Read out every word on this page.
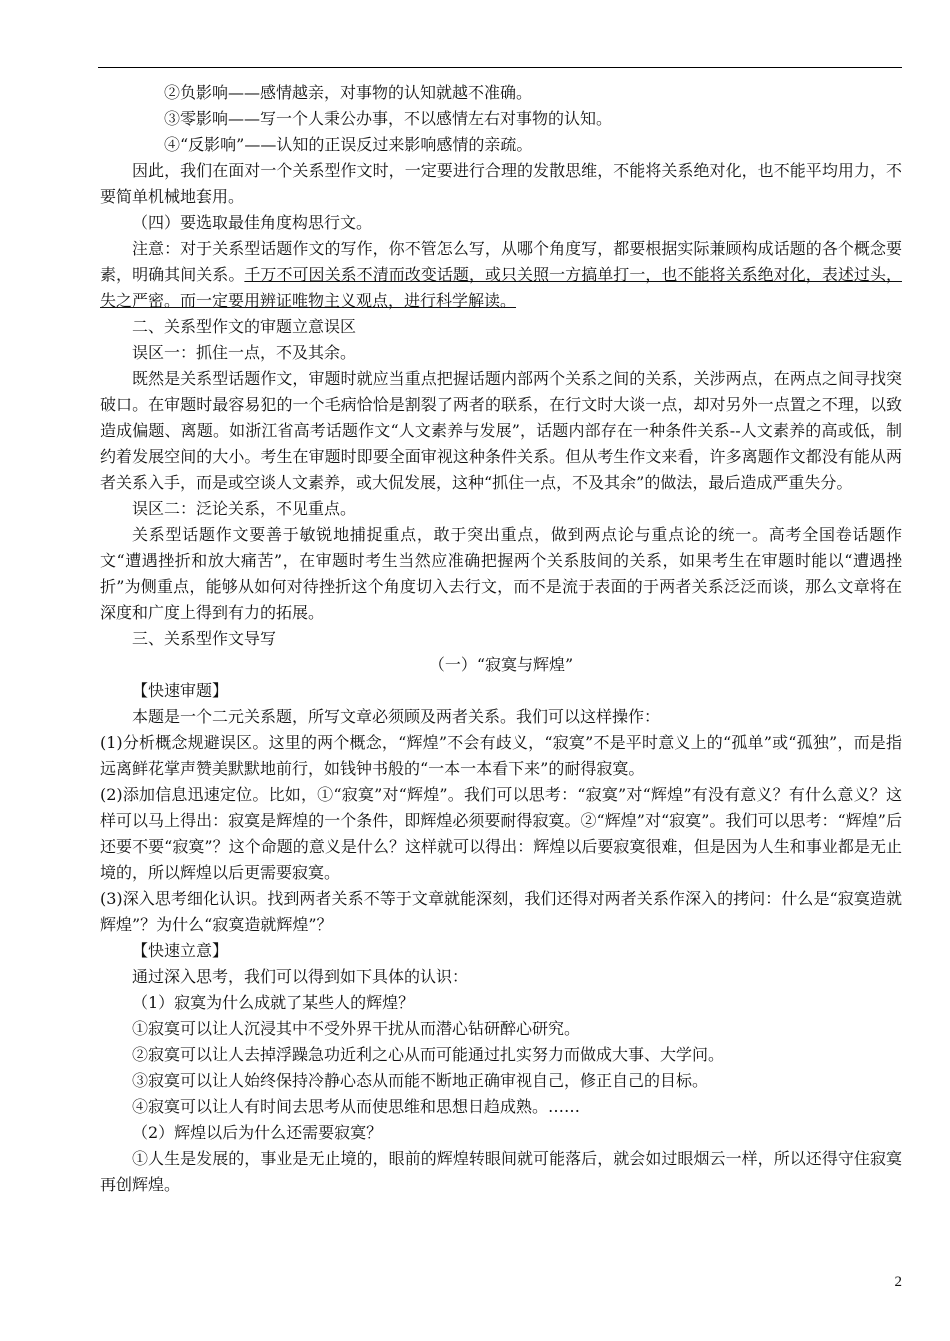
②负影响——感情越亲，对事物的认知就越不准确。

③零影响——写一个人秉公办事，不以感情左右对事物的认知。

④“反影响”——认知的正误反过来影响感情的亲疏。

因此，我们在面对一个关系型作文时，一定要进行合理的发散思维，不能将关系绝对化，也不能平均用力，不要简单机械地套用。

（四）要选取最佳角度构思行文。

注意：对于关系型话题作文的写作，你不管怎么写，从哪个角度写，都要根据实际兼顾构成话题的各个概念要素，明确其间关系。千万不可因关系不清而改变话题，或只关照一方搞单打一，也不能将关系绝对化，表述过头，失之严密。而一定要用辨证唯物主义观点，进行科学解读。

二、关系型作文的审题立意误区

误区一：抓住一点，不及其余。

既然是关系型话题作文，审题时就应当重点把握话题内部两个关系之间的关系，关涉两点，在两点之间寻找突破口。在审题时最容易犯的一个毛病恰恰是割裂了两者的联系，在行文时大谈一点，却对另外一点置之不理，以致造成偏题、离题。如浙江省高考话题作文“人文素养与发展”，话题内部存在一种条件关系--人文素养的高或低，制约着发展空间的大小。考生在审题时即要全面审视这种条件关系。但从考生作文来看，许多离题作文都没有能从两者关系入手，而是或空谈人文素养，或大侃发展，这种“抓住一点，不及其余”的做法，最后造成严重失分。

误区二：泛论关系，不见重点。

关系型话题作文要善于敏锐地捕捉重点，敢于突出重点，做到两点论与重点论的统一。高考全国卷话题作文“遭遇挫折和放大痛苦”，在审题时考生当然应准确把握两个关系肢间的关系，如果考生在审题时能以“遭遇挫折”为侧重点，能够从如何对待挫折这个角度切入去行文，而不是流于表面的于两者关系泛泛而谈，那么文章将在深度和广度上得到有力的拓展。

三、关系型作文导写

（一）“寂寞与辉煌”

【快速审题】

本题是一个二元关系题，所写文章必须顾及两者关系。我们可以这样操作：

(1)分析概念规避误区。这里的两个概念，“辉煌”不会有歧义，“寂寞”不是平时意义上的“孤单”或“孤独”，而是指远离鲜花掌声赞美默默地前行，如钱钟书般的“一本一本看下来”的耐得寂寞。

(2)添加信息迅速定位。比如，①“寂寞”对“辉煌”。我们可以思考：“寂寞”对“辉煌”有没有意义？有什么意义？这样可以马上得出：寂寞是辉煌的一个条件，即辉煌必须要耐得寂寞。②“辉煌”对“寂寞”。我们可以思考：“辉煌”后还要不要“寂寞”？这个命题的意义是什么？这样就可以得出：辉煌以后要寂寞很难，但是因为人生和事业都是无止境的，所以辉煌以后更需要寂寞。

(3)深入思考细化认识。找到两者关系不等于文章就能深刻，我们还得对两者关系作深入的拷问：什么是“寂寞造就辉煌”？为什么“寂寞造就辉煌”？

【快速立意】

通过深入思考，我们可以得到如下具体的认识：

（1）寂寞为什么成就了某些人的辉煌？

①寂寞可以让人沉浸其中不受外界干扰从而潜心钻研醉心研究。

②寂寞可以让人去掉浮躁急功近利之心从而可能通过扎实努力而做成大事、大学问。

③寂寞可以让人始终保持冷静心态从而能不断地正确审视自己，修正自己的目标。

④寂寞可以让人有时间去思考从而使思维和思想日趋成熟。……

（2）辉煌以后为什么还需要寂寞？

①人生是发展的，事业是无止境的，眼前的辉煌转眼间就可能落后，就会如过眼烟云一样，所以还得守住寂寞再创辉煌。

2
